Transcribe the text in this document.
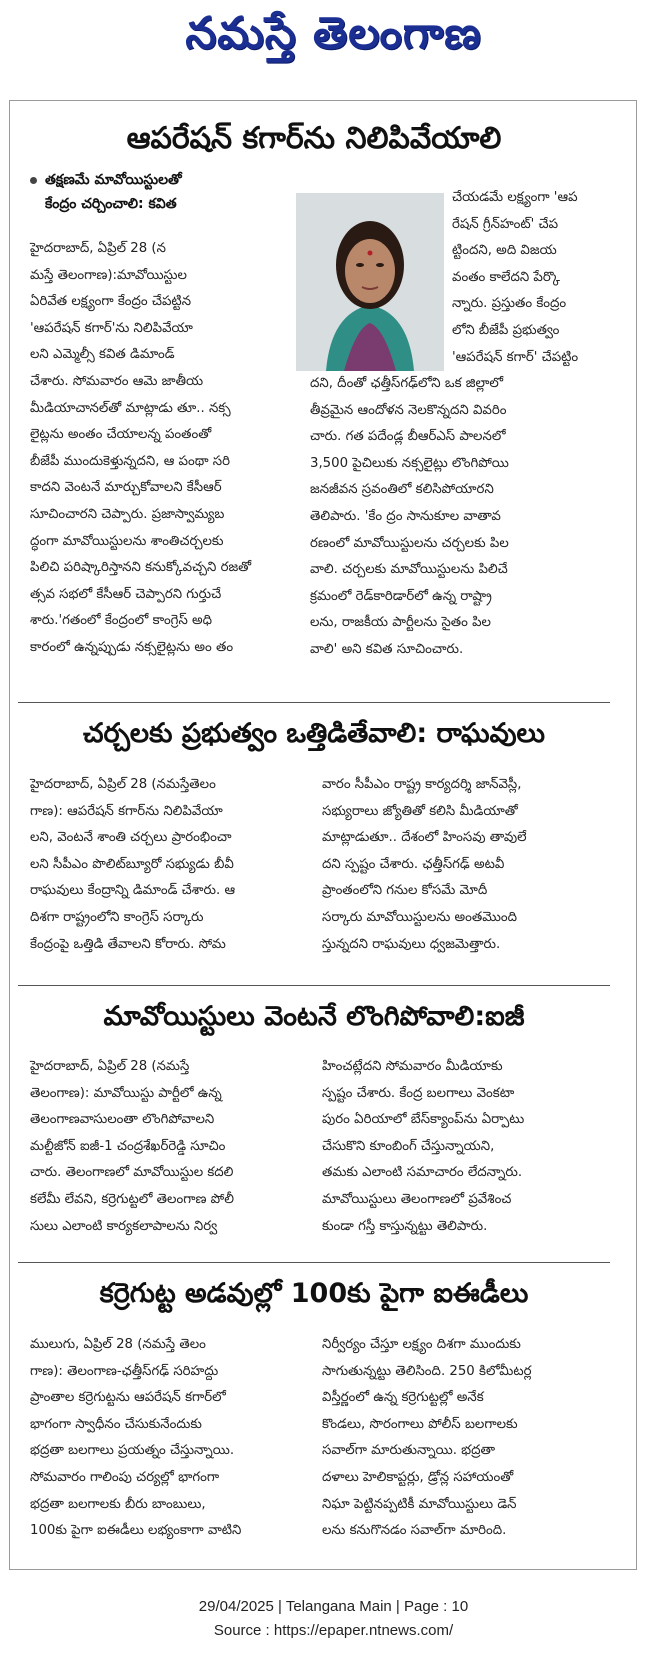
నమస్తే తెలంగాణ
ఆపరేషన్ కగార్‌ను నిలిపివేయాలి
తక్షణమే మావోయిస్టులతో
కేంద్రం చర్చించాలి: కవిత

హైదరాబాద్, ఏప్రిల్ 28 (న

మస్తే తెలంగాణ):మావోయిస్టుల

ఏరివేత లక్ష్యంగా కేంద్రం చేపట్టిన

'ఆపరేషన్ కగార్'ను నిలిపివేయా

లని ఎమ్మెల్సీ కవిత డిమాండ్

చేశారు. సోమవారం ఆమె జాతీయ

మీడియాచానల్‌తో మాట్లాడు తూ.. నక్స

లైట్లను అంతం చేయాలన్న పంతంతో

బీజేపీ ముందుకెళ్తున్నదని, ఆ పంథా సరి

కాదని వెంటనే మార్చుకోవాలని కేసీఆర్

సూచించారని చెప్పారు. ప్రజాస్వామ్యబ

ద్ధంగా మావోయిస్టులను శాంతిచర్చలకు

పిలిచి పరిష్కారిస్తానని కనుక్కోవచ్చని రజతో

త్సవ సభలో కేసీఆర్ చెప్పారని గుర్తుచే

శారు.'గతంలో కేంద్రంలో కాంగ్రెస్ అధి

కారంలో ఉన్నప్పుడు నక్సలైట్లను అం తం

చేయడమే లక్ష్యంగా 'ఆప

రేషన్ గ్రీన్‌హంట్' చేప

ట్టిందని, అది విజయ

వంతం కాలేదని పేర్కొ

న్నారు. ప్రస్తుతం కేంద్రం

లోని బీజేపీ ప్రభుత్వం

'ఆపరేషన్ కగార్' చేపట్టిం

దని, దీంతో ఛత్తీస్‌గఢ్‌లోని ఒక జిల్లాలో

తీవ్రమైన ఆందోళన నెలకొన్నదని వివరిం

చారు. గత పదేండ్ల బీఆర్‌ఎస్ పాలనలో

3,500 పైచిలుకు నక్సలైట్లు లొంగిపోయి

జనజీవన స్రవంతిలో కలిసిపోయారని

తెలిపారు. 'కేం ద్రం సానుకూల వాతావ

రణంలో మావోయిస్టులను చర్చలకు పిల

వాలి. చర్చలకు మావోయిస్టులను పిలిచే

క్రమంలో రెడ్‌కారిడార్‌లో ఉన్న రాష్ట్రా

లను, రాజకీయ పార్టీలను సైతం పిల

వాలి' అని కవిత సూచించారు.

చర్చలకు ప్రభుత్వం ఒత్తిడితేవాలి: రాఘవులు

హైదరాబాద్, ఏప్రిల్ 28 (నమస్తేతెలం

గాణ): ఆపరేషన్ కగార్‌ను నిలిపివేయా

లని, వెంటనే శాంతి చర్చలు ప్రారంభించా

లని సీపీఎం పొలిట్‌బ్యూరో సభ్యుడు బీవీ

రాఘవులు కేంద్రాన్ని డిమాండ్ చేశారు. ఆ

దిశగా రాష్ట్రంలోని కాంగ్రెస్ సర్కారు

కేంద్రంపై ఒత్తిడి తేవాలని కోరారు. సోమ

వారం సీపీఎం రాష్ట్ర కార్యదర్శి జాన్‌వెస్లీ,

సభ్యురాలు జ్యోతితో కలిసి మీడియాతో

మాట్లాడుతూ.. దేశంలో హింసవు తావులే

దని స్పష్టం చేశారు. ఛత్తీస్‌గఢ్ అటవీ

ప్రాంతంలోని గనుల కోసమే మోదీ

సర్కారు మావోయిస్టులను అంతమొంది

స్తున్నదని రాఘవులు ధ్వజమెత్తారు.

మావోయిస్టులు వెంటనే లొంగిపోవాలి:ఐజీ

హైదరాబాద్, ఏప్రిల్ 28 (నమస్తే

తెలంగాణ): మావోయిస్టు పార్టీలో ఉన్న

తెలంగాణవాసులంతా లొంగిపోవాలని

మల్టీజోన్ ఐజీ-1 చంద్రశేఖర్‌రెడ్డి సూచిం

చారు. తెలంగాణలో మావోయిస్టుల కదలి

కలేమీ లేవని, కర్రెగుట్టలో తెలంగాణ పోలీ

సులు ఎలాంటి కార్యకలాపాలను నిర్వ

హించట్లేదని సోమవారం మీడియాకు

స్పష్టం చేశారు. కేంద్ర బలగాలు వెంకటా

పురం ఏరియాలో బేస్‌క్యాంప్‌ను ఏర్పాటు

చేసుకొని కూంబింగ్ చేస్తున్నాయని,

తమకు ఎలాంటి సమాచారం లేదన్నారు.

మావోయిస్టులు తెలంగాణలో ప్రవేశించ

కుండా గస్తీ కాస్తున్నట్టు తెలిపారు.

కర్రెగుట్ట అడవుల్లో 100కు పైగా ఐఈడీలు

ములుగు, ఏప్రిల్ 28 (నమస్తే తెలం

గాణ): తెలంగాణ-ఛత్తీస్‌గఢ్ సరిహద్దు

ప్రాంతాల కర్రెగుట్టను ఆపరేషన్ కగార్‌లో

భాగంగా స్వాధీనం చేసుకునేందుకు

భద్రతా బలగాలు ప్రయత్నం చేస్తున్నాయి.

సోమవారం గాలింపు చర్యల్లో భాగంగా

భద్రతా బలగాలకు బీరు బాంబులు,

100కు పైగా ఐఈడీలు లభ్యంకాగా వాటిని

నిర్వీర్యం చేస్తూ లక్ష్యం దిశగా ముందుకు

సాగుతున్నట్టు తెలిసింది. 250 కిలోమీటర్ల

విస్తీర్ణంలో ఉన్న కర్రెగుట్టల్లో అనేక

కొండలు, సొరంగాలు పోలీస్ బలగాలకు

సవాల్‌గా మారుతున్నాయి. భద్రతా

దళాలు హెలికాప్టర్లు, డ్రోన్ల సహాయంతో

నిఘా పెట్టినప్పటికీ మావోయిస్టులు డెన్

లను కనుగొనడం సవాల్‌గా మారింది.

29/04/2025 | Telangana Main | Page : 10
Source : https://epaper.ntnews.com/
